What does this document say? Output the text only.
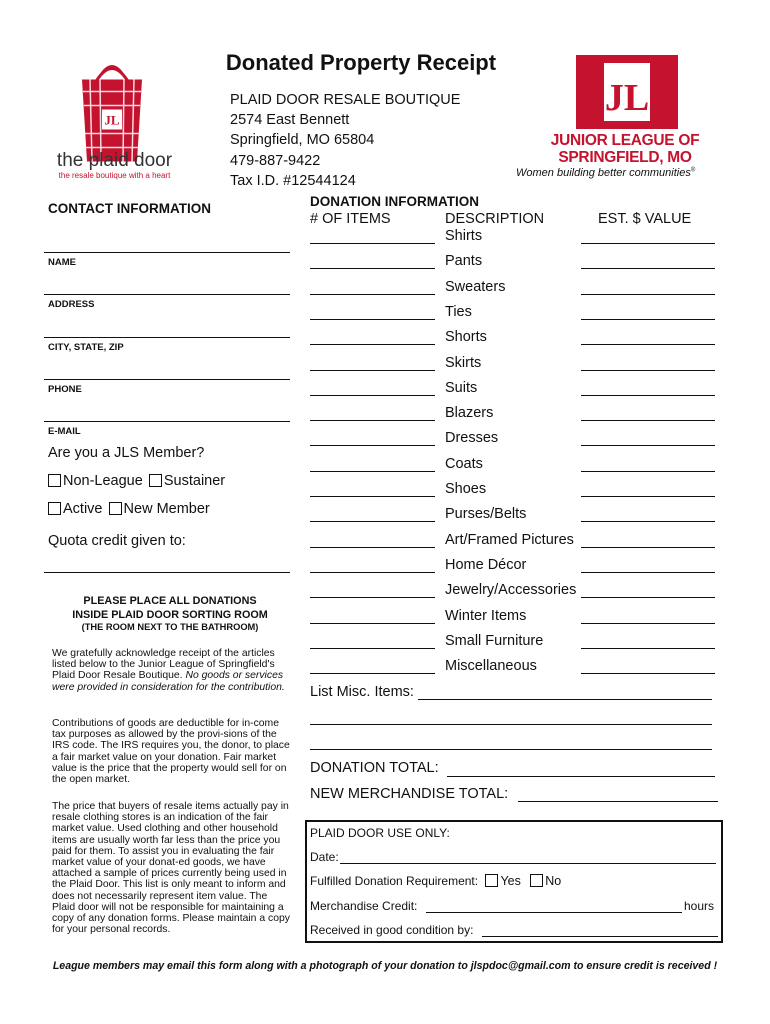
Donated Property Receipt
PLAID DOOR RESALE BOUTIQUE
2574 East Bennett
Springfield, MO 65804
479-887-9422
Tax I.D. #12544124
JL
the plaid door
the resale boutique with a heart
JL
JUNIOR LEAGUE OF
SPRINGFIELD, MO
Women building better communities®
CONTACT INFORMATION
NAME
ADDRESS
CITY, STATE, ZIP
PHONE
E-MAIL
Are you a JLS Member?
Non-League Sustainer
Active New Member
Quota credit given to:
PLEASE PLACE ALL DONATIONS
INSIDE PLAID DOOR SORTING ROOM
(THE ROOM NEXT TO THE BATHROOM)
We gratefully acknowledge receipt of the articles listed below to the Junior League of Springfield's Plaid Door Resale Boutique. No goods or services were provided in consideration for the contribution.
Contributions of goods are deductible for in-come tax purposes as allowed by the provi-sions of the IRS code. The IRS requires you, the donor, to place a fair market value on your donation. Fair market value is the price that the property would sell for on the open market.
The price that buyers of resale items actually pay in resale clothing stores is an indication of the fair market value. Used clothing and other household items are usually worth far less than the price you paid for them. To assist you in evaluating the fair market value of your donat-ed goods, we have attached a sample of prices currently being used in the Plaid Door. This list is only meant to inform and does not necessarily represent item value. The Plaid door will not be responsible for maintaining a copy of any donation forms. Please maintain a copy for your personal records.
DONATION INFORMATION
# OF ITEMS	DESCRIPTION	EST. $ VALUE
Shirts
Pants
Sweaters
Ties
Shorts
Skirts
Suits
Blazers
Dresses
Coats
Shoes
Purses/Belts
Art/Framed Pictures
Home Décor
Jewelry/Accessories
Winter Items
Small Furniture
Miscellaneous
List Misc. Items:
DONATION TOTAL:
NEW MERCHANDISE TOTAL:
PLAID DOOR USE ONLY:
Date:
Fulfilled Donation Requirement: Yes No
Merchandise Credit:	hours
Received in good condition by:
League members may email this form along with a photograph of your donation to jlspdoc@gmail.com to ensure credit is received !
